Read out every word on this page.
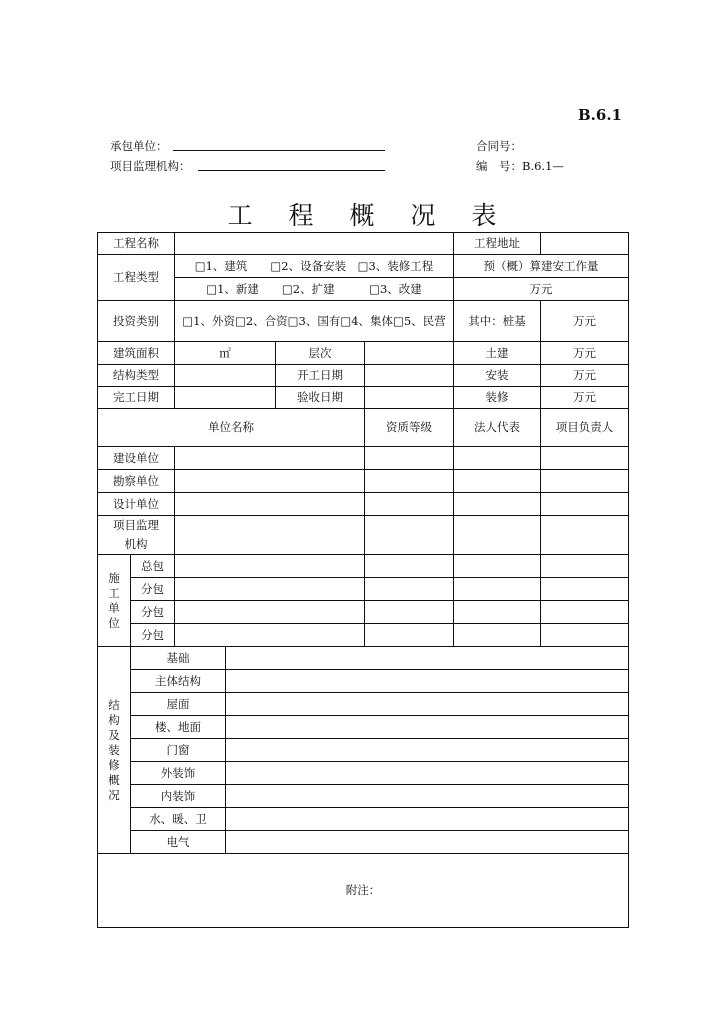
B.6.1
承包单位：	合同号：
项目监理机构：	编　号：B.6.1—
工 程 概 况 表
工程名称						工程地址	
工程类型		□1、建筑　　□2、设备安装　□3、装修工程				预（概）算建安工作量	
		□1、新建　　□2、扩建　　　□3、改建				万元	
投资类别		□1、外资□2、合资□3、国有□4、集体□5、民营				其中：桩基	万元
建筑面积		㎡		层次		土建	万元
结构类型				开工日期		安装	万元
完工日期				验收日期		装修	万元
单位名称					资质等级	法人代表	项目负责人
建设单位							
勘察单位							
设计单位							
项目监理机构							
施工单位	总包						
	分包						
	分包						
	分包						
结构及装修概况	基础						
	主体结构						
	屋面						
	楼、地面						
	门窗						
	外装饰						
	内装饰						
	水、暖、卫						
	电气						
附注：							
